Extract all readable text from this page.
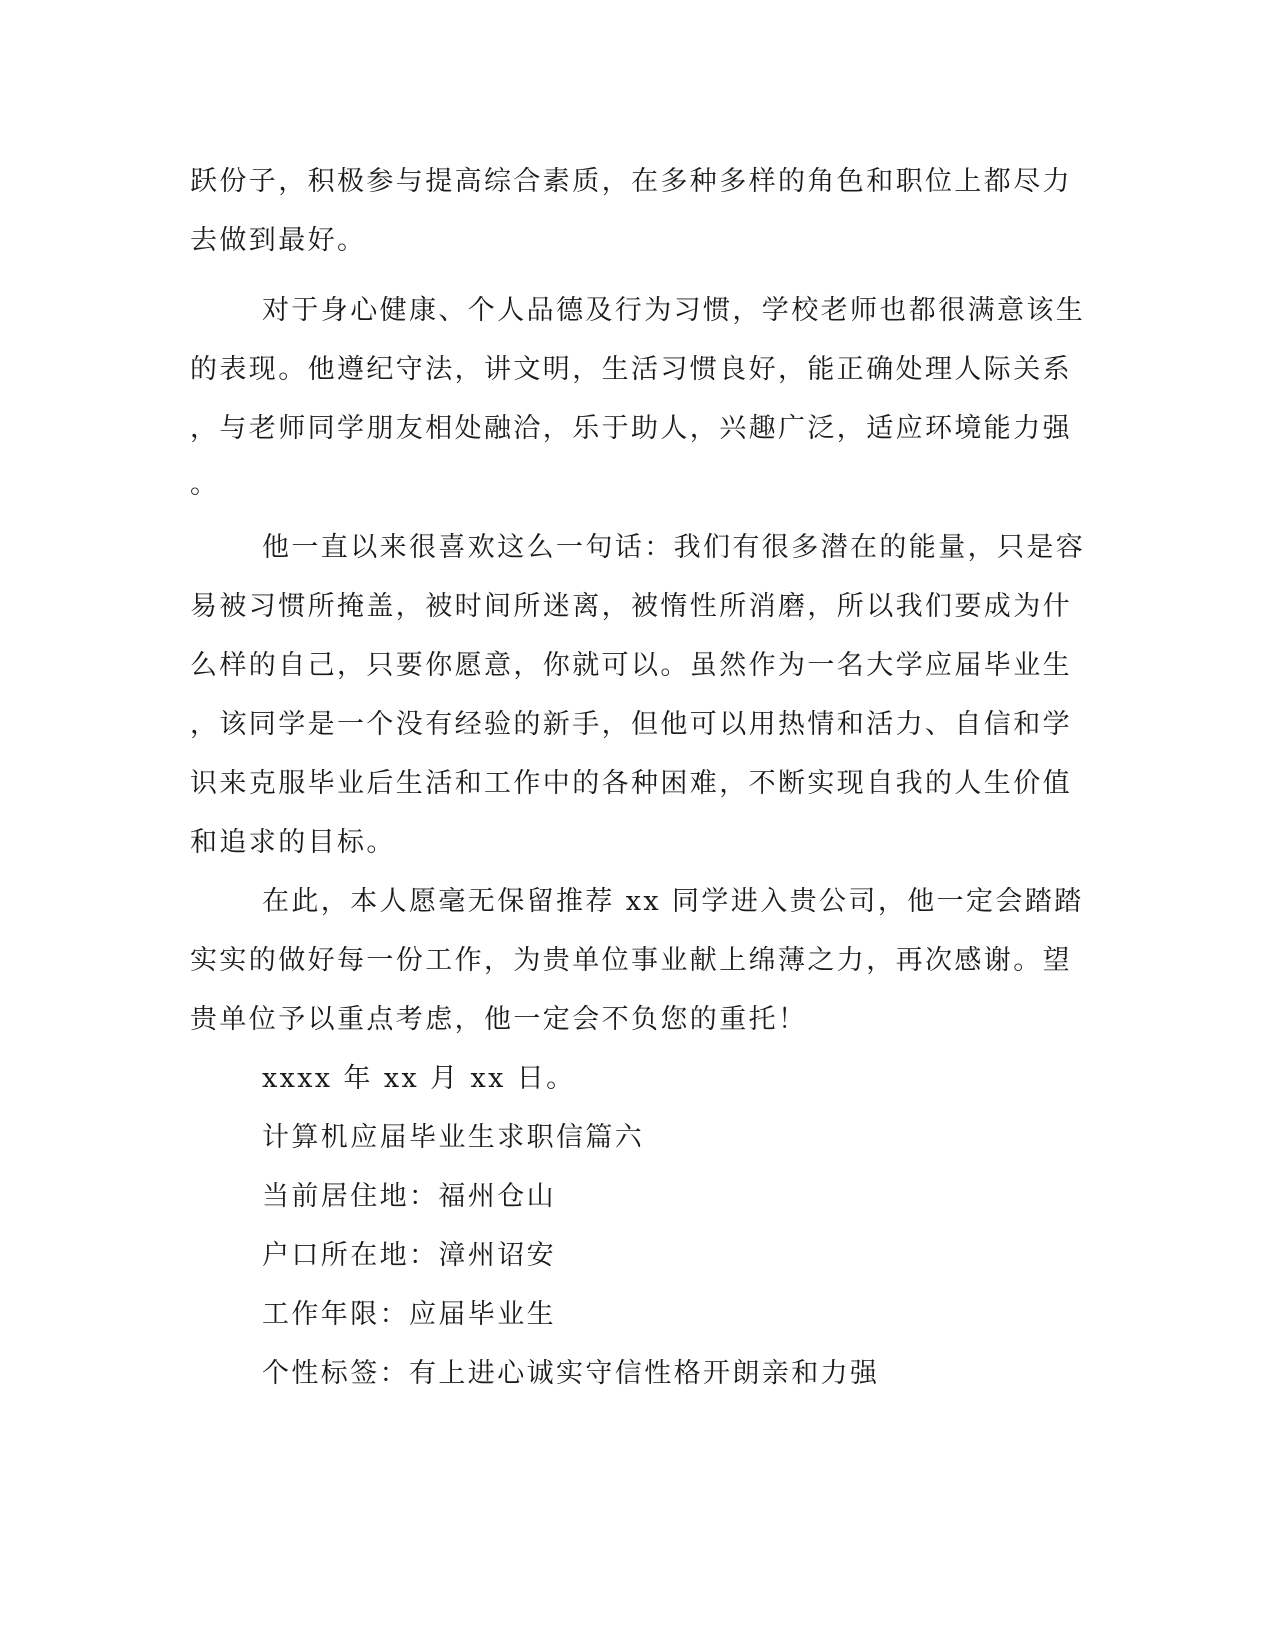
跃份子，积极参与提高综合素质，在多种多样的角色和职位上都尽力
去做到最好。
对于身心健康、个人品德及行为习惯，学校老师也都很满意该生
的表现。他遵纪守法，讲文明，生活习惯良好，能正确处理人际关系
，与老师同学朋友相处融洽，乐于助人，兴趣广泛，适应环境能力强
。
他一直以来很喜欢这么一句话：我们有很多潜在的能量，只是容
易被习惯所掩盖，被时间所迷离，被惰性所消磨，所以我们要成为什
么样的自己，只要你愿意，你就可以。虽然作为一名大学应届毕业生
，该同学是一个没有经验的新手，但他可以用热情和活力、自信和学
识来克服毕业后生活和工作中的各种困难，不断实现自我的人生价值
和追求的目标。
在此，本人愿毫无保留推荐 xx 同学进入贵公司，他一定会踏踏
实实的做好每一份工作，为贵单位事业献上绵薄之力，再次感谢。望
贵单位予以重点考虑，他一定会不负您的重托！
xxxx 年 xx 月 xx 日。
计算机应届毕业生求职信篇六
当前居住地：福州仓山
户口所在地：漳州诏安
工作年限：应届毕业生
个性标签：有上进心诚实守信性格开朗亲和力强
